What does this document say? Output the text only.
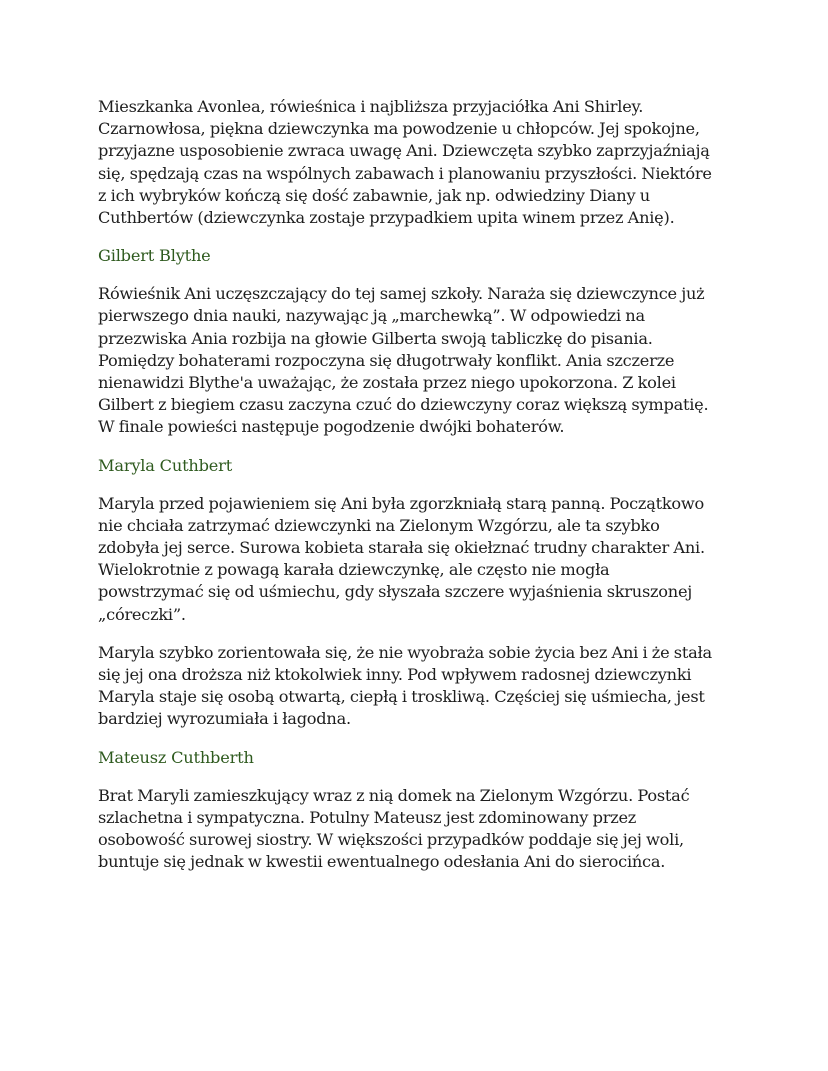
Mieszkanka Avonlea, rówieśnica i najbliższa przyjaciółka Ani Shirley.
Czarnowłosa, piękna dziewczynka ma powodzenie u chłopców. Jej spokojne,
przyjazne usposobienie zwraca uwagę Ani. Dziewczęta szybko zaprzyjaźniają
się, spędzają czas na wspólnych zabawach i planowaniu przyszłości. Niektóre
z ich wybryków kończą się dość zabawnie, jak np. odwiedziny Diany u
Cuthbertów (dziewczynka zostaje przypadkiem upita winem przez Anię).

Gilbert Blythe

Rówieśnik Ani uczęszczający do tej samej szkoły. Naraża się dziewczynce już
pierwszego dnia nauki, nazywając ją „marchewką”. W odpowiedzi na
przezwiska Ania rozbija na głowie Gilberta swoją tabliczkę do pisania.
Pomiędzy bohaterami rozpoczyna się długotrwały konflikt. Ania szczerze
nienawidzi Blythe'a uważając, że została przez niego upokorzona. Z kolei
Gilbert z biegiem czasu zaczyna czuć do dziewczyny coraz większą sympatię.
W finale powieści następuje pogodzenie dwójki bohaterów.

Maryla Cuthbert

Maryla przed pojawieniem się Ani była zgorzkniałą starą panną. Początkowo
nie chciała zatrzymać dziewczynki na Zielonym Wzgórzu, ale ta szybko
zdobyła jej serce. Surowa kobieta starała się okiełznać trudny charakter Ani.
Wielokrotnie z powagą karała dziewczynkę, ale często nie mogła
powstrzymać się od uśmiechu, gdy słyszała szczere wyjaśnienia skruszonej
„córeczki”.

Maryla szybko zorientowała się, że nie wyobraża sobie życia bez Ani i że stała
się jej ona droższa niż ktokolwiek inny. Pod wpływem radosnej dziewczynki
Maryla staje się osobą otwartą, ciepłą i troskliwą. Częściej się uśmiecha, jest
bardziej wyrozumiała i łagodna.

Mateusz Cuthberth

Brat Maryli zamieszkujący wraz z nią domek na Zielonym Wzgórzu. Postać
szlachetna i sympatyczna. Potulny Mateusz jest zdominowany przez
osobowość surowej siostry. W większości przypadków poddaje się jej woli,
buntuje się jednak w kwestii ewentualnego odesłania Ani do sierocińca.
